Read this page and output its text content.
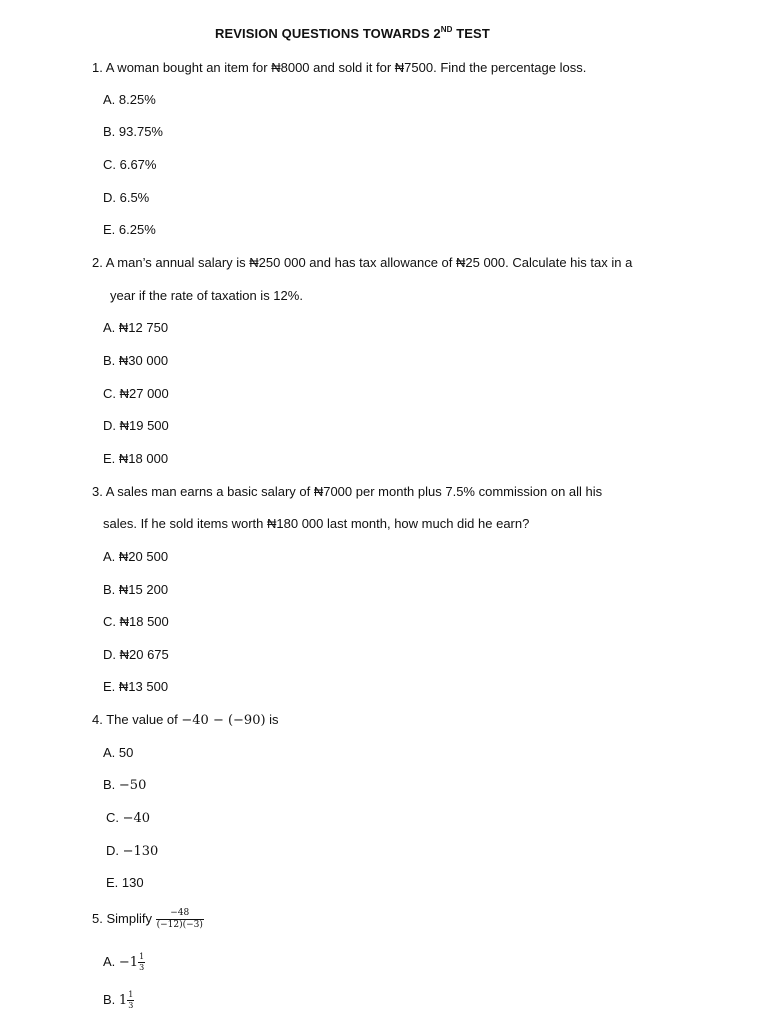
REVISION QUESTIONS TOWARDS 2ND TEST
1. A woman bought an item for ₦8000 and sold it for ₦7500. Find the percentage loss.
A. 8.25%
B. 93.75%
C. 6.67%
D. 6.5%
E. 6.25%
2. A man’s annual salary is ₦250 000 and has tax allowance of ₦25 000. Calculate his tax in a
year if the rate of taxation is 12%.
A. ₦12 750
B. ₦30 000
C. ₦27 000
D. ₦19 500
E. ₦18 000
3. A sales man earns a basic salary of ₦7000 per month plus 7.5% commission on all his
sales. If he sold items worth ₦180 000 last month, how much did he earn?
A. ₦20 500
B. ₦15 200
C. ₦18 500
D. ₦20 675
E. ₦13 500
4. The value of −40 − (−90) is
A. 50
B. −50
C. −40
D. −130
E. 130
5. Simplify $\frac{-48}{(-12)(-3)}$
A. $-1 \frac{1}{3}$
B. $1 \frac{1}{3}$
